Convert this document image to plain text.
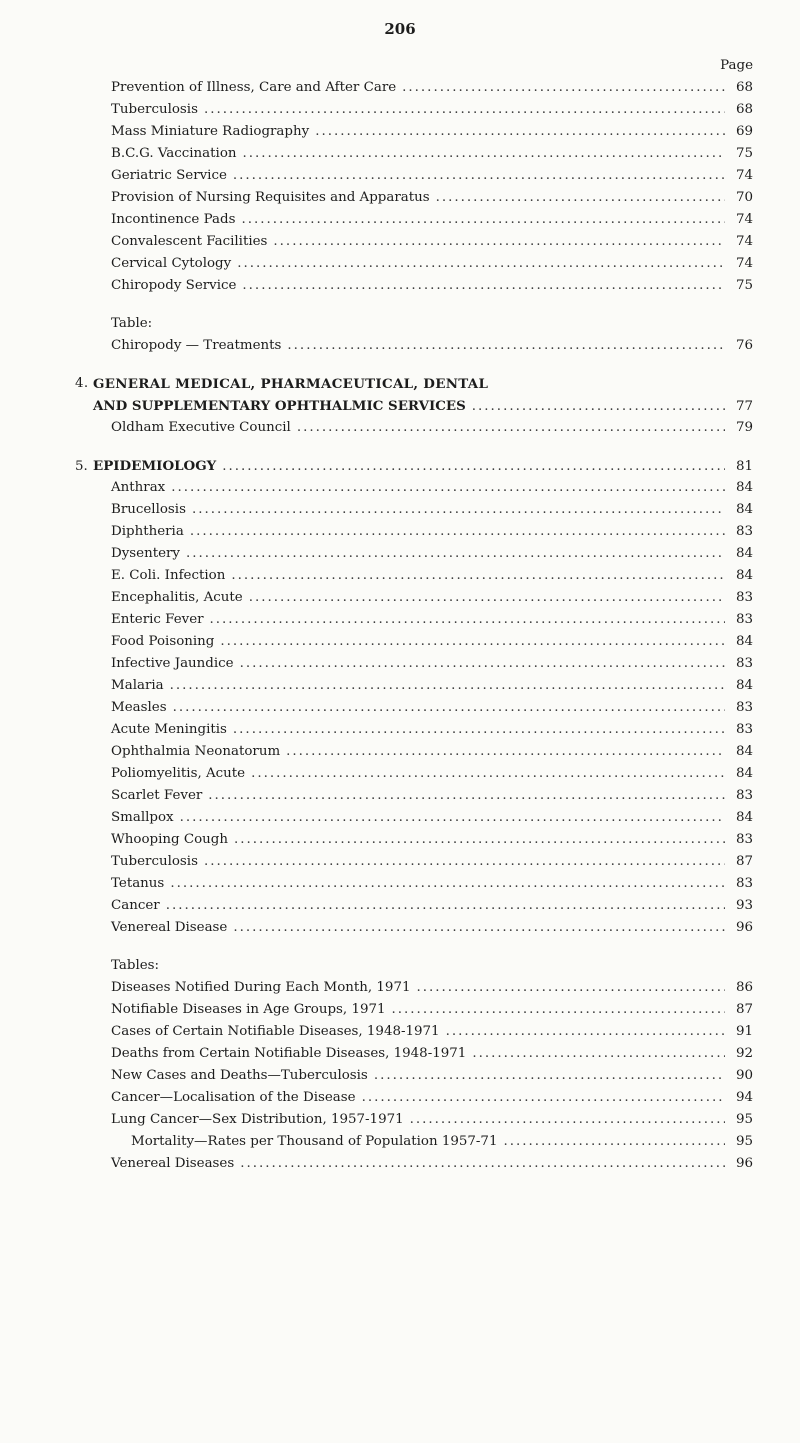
206
Page
Prevention of Illness, Care and After Care .....	68
Tuberculosis .....	68
Mass Miniature Radiography .....	69
B.C.G. Vaccination .....	75
Geriatric Service .....	74
Provision of Nursing Requisites and Apparatus .....	70
Incontinence Pads .....	74
Convalescent Facilities .....	74
Cervical Cytology .....	74
Chiropody Service .....	75
Table:
Chiropody — Treatments .....	76
4. GENERAL MEDICAL, PHARMACEUTICAL, DENTAL
AND SUPPLEMENTARY OPHTHALMIC SERVICES .....	77
Oldham Executive Council .....	79
5. EPIDEMIOLOGY .....	81
Anthrax .....	84
Brucellosis .....	84
Diphtheria .....	83
Dysentery .....	84
E. Coli. Infection .....	84
Encephalitis, Acute .....	83
Enteric Fever .....	83
Food Poisoning .....	84
Infective Jaundice .....	83
Malaria .....	84
Measles .....	83
Acute Meningitis .....	83
Ophthalmia Neonatorum .....	84
Poliomyelitis, Acute .....	84
Scarlet Fever .....	83
Smallpox .....	84
Whooping Cough .....	83
Tuberculosis .....	87
Tetanus .....	83
Cancer .....	93
Venereal Disease .....	96
Tables:
Diseases Notified During Each Month, 1971 .....	86
Notifiable Diseases in Age Groups, 1971 .....	87
Cases of Certain Notifiable Diseases, 1948-1971 .....	91
Deaths from Certain Notifiable Diseases, 1948-1971 .....	92
New Cases and Deaths—Tuberculosis .....	90
Cancer—Localisation of the Disease .....	94
Lung Cancer—Sex Distribution, 1957-1971 .....	95
Mortality—Rates per Thousand of Population 1957-71 .....	95
Venereal Diseases .....	96
